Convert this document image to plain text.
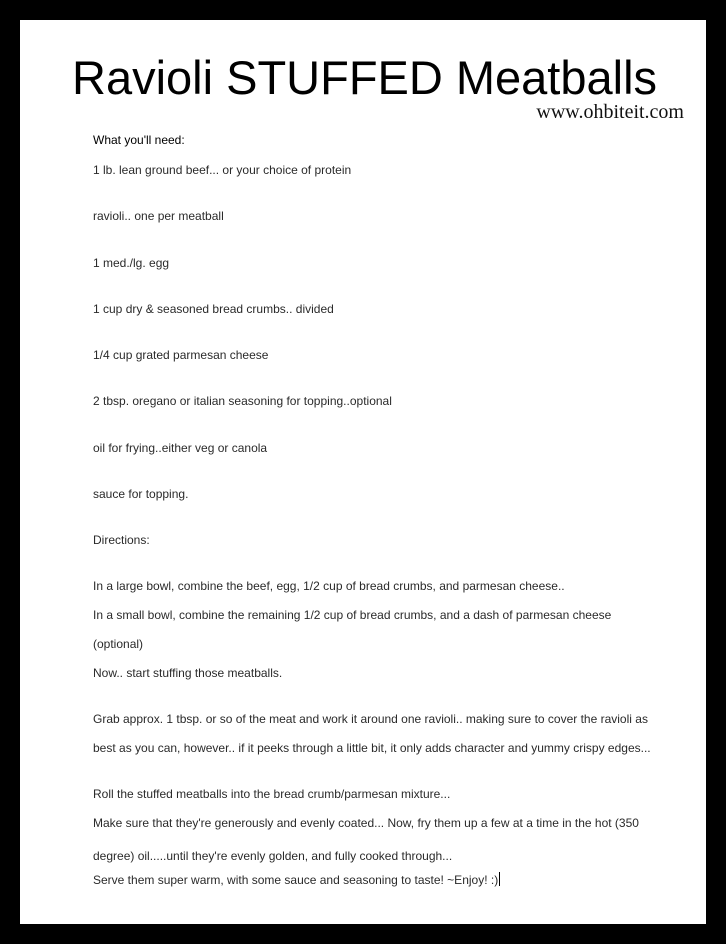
Ravioli STUFFED Meatballs
www.ohbiteit.com
What you'll need:
1 lb. lean ground beef... or your choice of protein
ravioli.. one per meatball
1 med./lg. egg
1 cup dry & seasoned bread crumbs.. divided
1/4 cup grated parmesan cheese
2 tbsp. oregano or italian seasoning for topping..optional
oil for frying..either veg or canola
sauce for topping.
Directions:
In a large bowl, combine the beef, egg, 1/2 cup of bread crumbs, and parmesan cheese..
In a small bowl, combine the remaining 1/2 cup of bread crumbs, and a dash of parmesan cheese
(optional)
Now.. start stuffing those meatballs.
Grab approx. 1 tbsp. or so of the meat and work it around one ravioli.. making sure to cover the ravioli as
best as you can, however.. if it peeks through a little bit, it only adds character and yummy crispy edges...
Roll the stuffed meatballs into the bread crumb/parmesan mixture...
Make sure that they're generously and evenly coated... Now, fry them up a few at a time in the hot (350
degree) oil.....until they're evenly golden, and fully cooked through...
Serve them super warm, with some sauce and seasoning to taste! ~Enjoy! :)
